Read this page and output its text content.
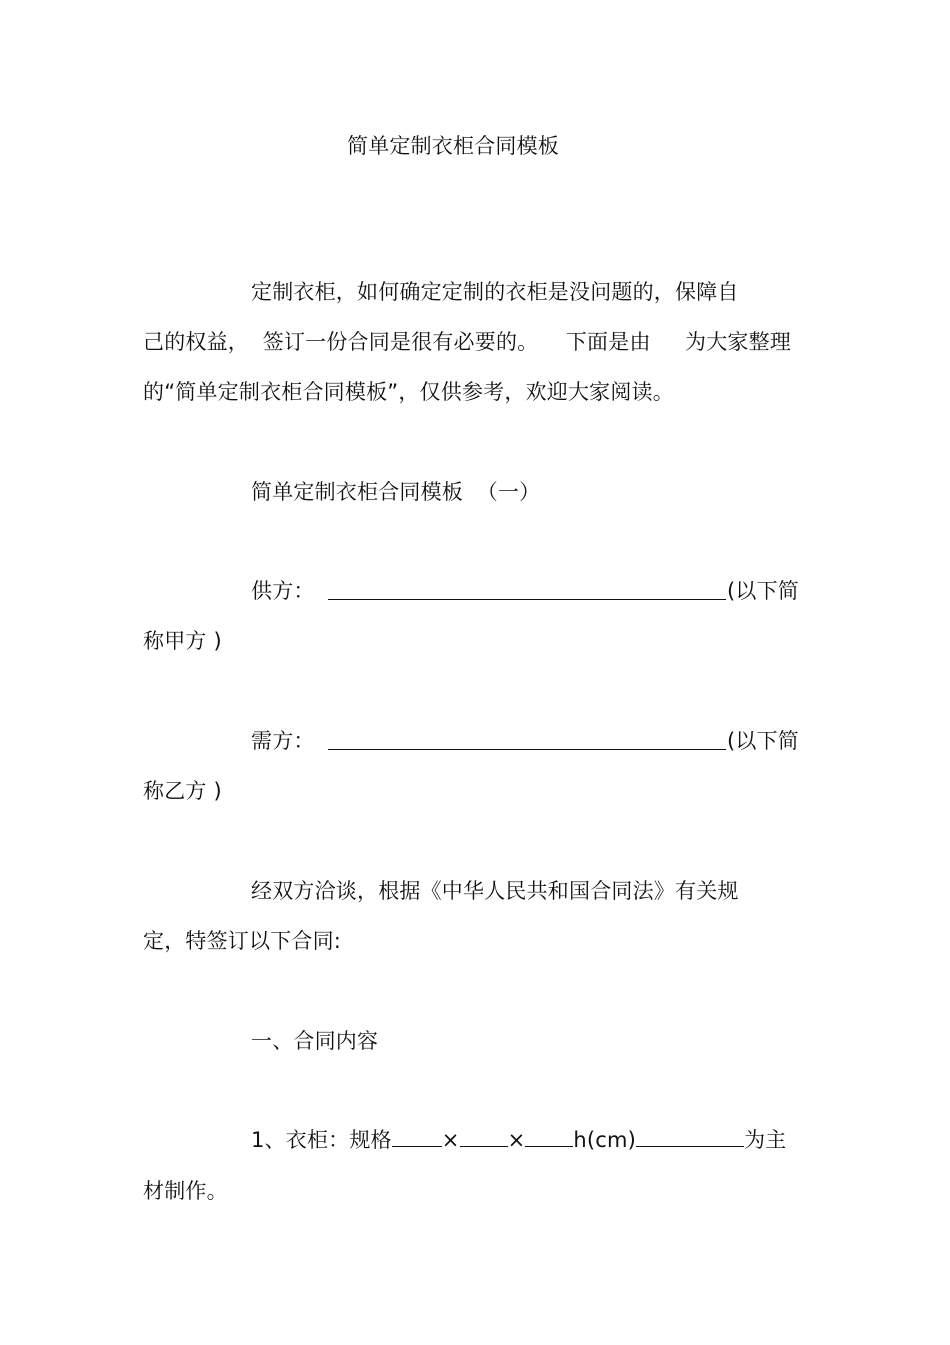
简单定制衣柜合同模板
定制衣柜，如何确定定制的衣柜是没问题的，保障自
己的权益，  签订一份合同是很有必要的。    下面是由     为大家整理
的“简单定制衣柜合同模板”，仅供参考，欢迎大家阅读。
简单定制衣柜合同模板  （一）
供方：	(以下简
称甲方 )
需方：	(以下简
称乙方 )
经双方洽谈，根据《中华人民共和国合同法》有关规
定，特签订以下合同:
一、合同内容
1、衣柜：规格 × × h(cm)	为主
材制作。
